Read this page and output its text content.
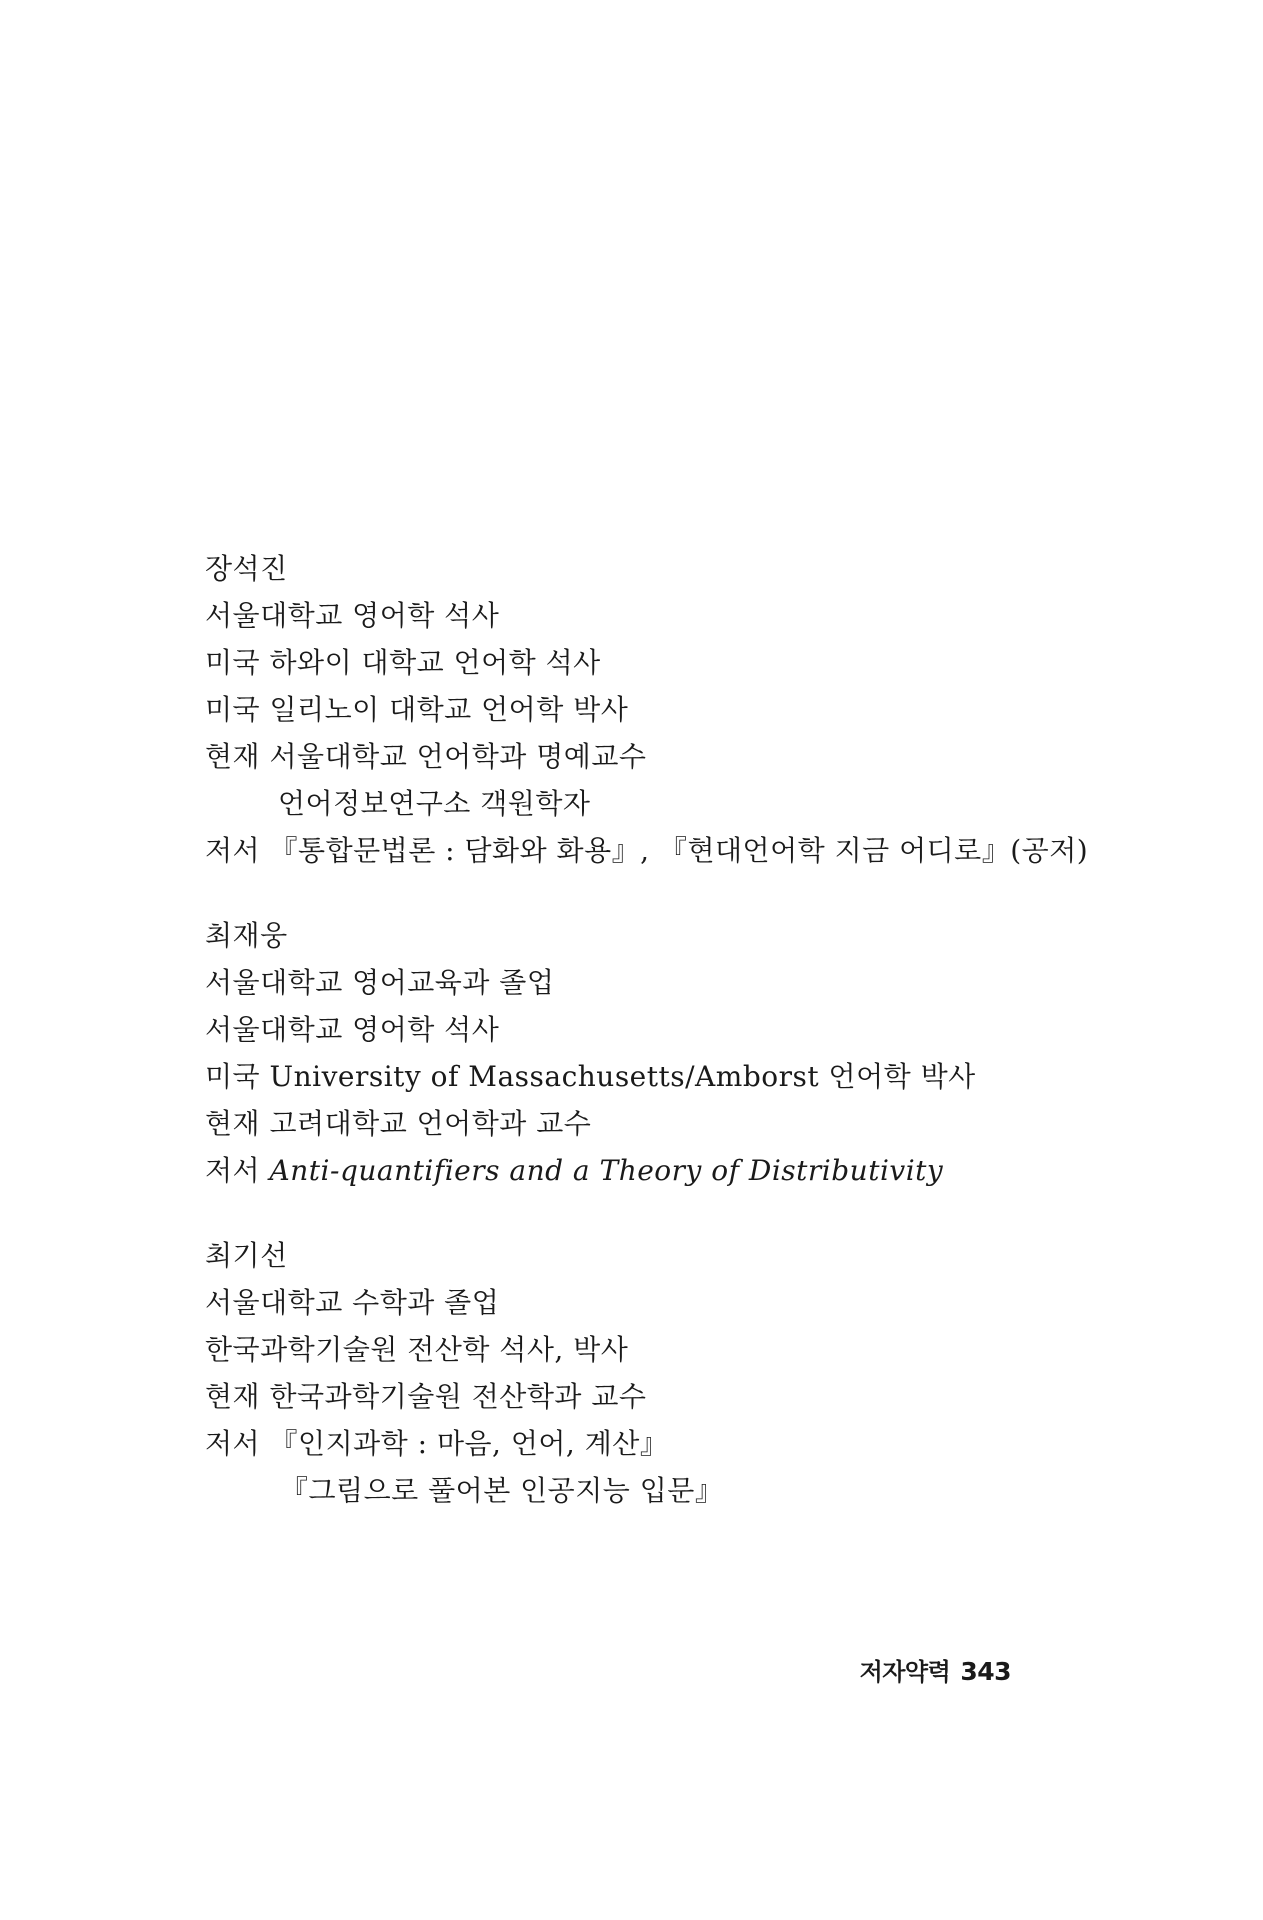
장석진
서울대학교 영어학 석사
미국 하와이 대학교 언어학 석사
미국 일리노이 대학교 언어학 박사
현재 서울대학교 언어학과 명예교수
언어정보연구소 객원학자
저서 『통합문법론 : 담화와 화용』, 『현대언어학 지금 어디로』(공저)
최재웅
서울대학교 영어교육과 졸업
서울대학교 영어학 석사
미국 University of Massachusetts/Amborst 언어학 박사
현재 고려대학교 언어학과 교수
저서 Anti-quantifiers and a Theory of Distributivity
최기선
서울대학교 수학과 졸업
한국과학기술원 전산학 석사, 박사
현재 한국과학기술원 전산학과 교수
저서 『인지과학 : 마음, 언어, 계산』
『그림으로 풀어본 인공지능 입문』
저자약력 343
